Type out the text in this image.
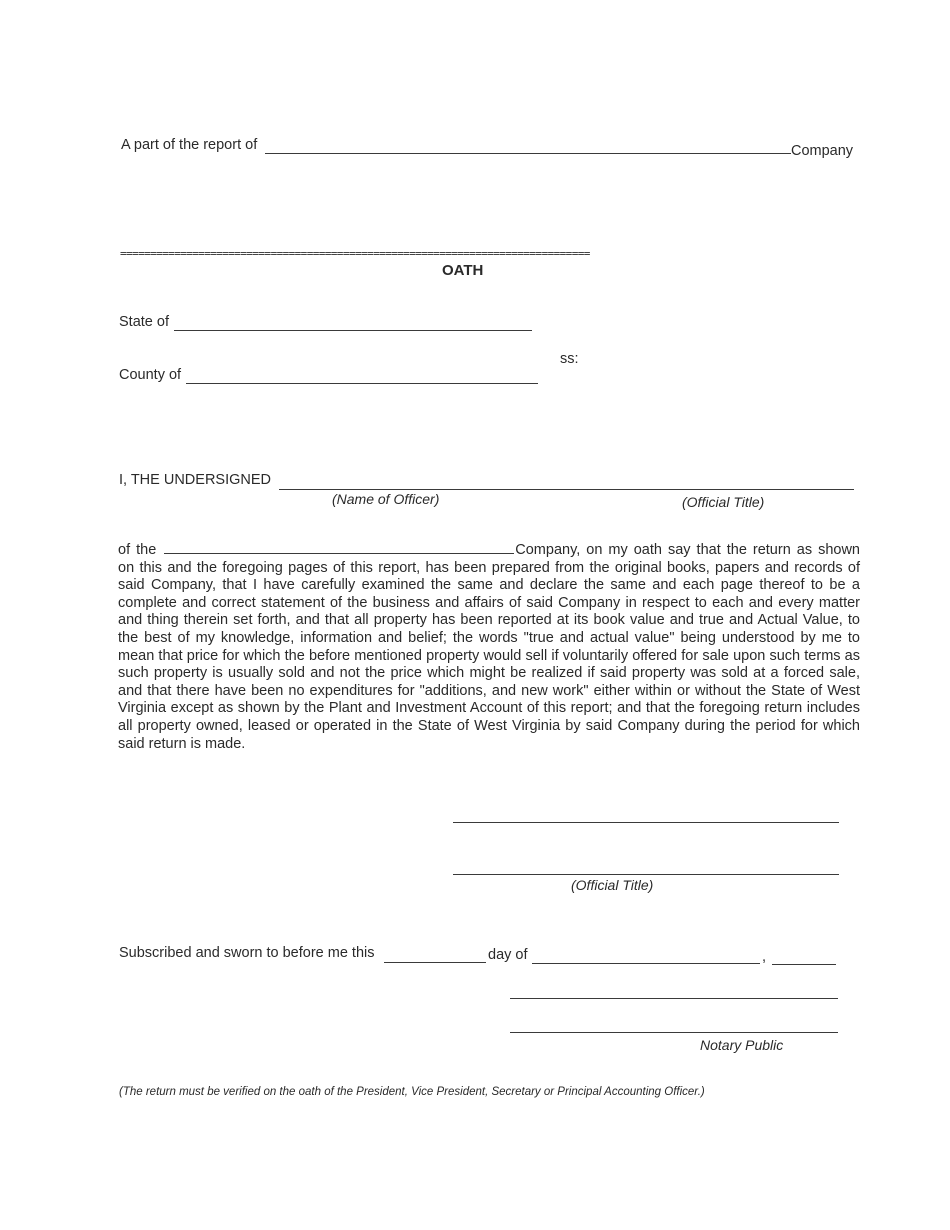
A part of the report of	Company
==============================================================================
OATH
State of
County of
ss:
I, THE UNDERSIGNED
(Name of Officer)	(Official Title)
of the	Company, on my oath say that the return as shown on this and the foregoing pages of this report, has been prepared from the original books, papers and records of said Company, that I have carefully examined the same and declare the same and each page thereof to be a complete and correct statement of the business and affairs of said Company in respect to each and every matter and thing therein set forth, and that all property has been reported at its book value and true and Actual Value, to the best of my knowledge, information and belief; the words "true and actual value" being understood by me to mean that price for which the before mentioned property would sell if voluntarily offered for sale upon such terms as such property is usually sold and not the price which might be realized if said property was sold at a forced sale, and that there have been no expenditures for "additions, and new work" either within or without the State of West Virginia except as shown by the Plant and Investment Account of this report; and that the foregoing return includes all property owned, leased or operated in the State of West Virginia by said Company during the period for which said return is made.
(Official Title)
Subscribed and sworn to before me this	day of	,
Notary Public
(The return must be verified on the oath of the President, Vice President, Secretary or Principal Accounting Officer.)
